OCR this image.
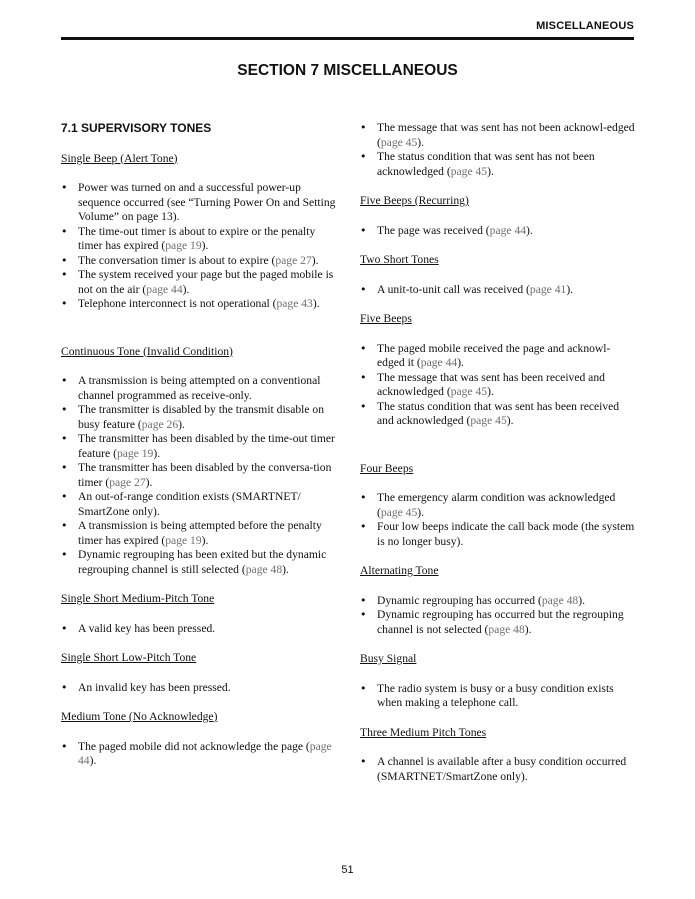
MISCELLANEOUS
SECTION 7 MISCELLANEOUS
7.1 SUPERVISORY TONES
Single Beep (Alert Tone)
• Power was turned on and a successful power-up sequence occurred (see “Turning Power On and Setting Volume” on page 13).
• The time-out timer is about to expire or the penalty timer has expired (page 19).
• The conversation timer is about to expire (page 27).
• The system received your page but the paged mobile is not on the air (page 44).
• Telephone interconnect is not operational (page 43).
Continuous Tone (Invalid Condition)
• A transmission is being attempted on a conventional channel programmed as receive-only.
• The transmitter is disabled by the transmit disable on busy feature (page 26).
• The transmitter has been disabled by the time-out timer feature (page 19).
• The transmitter has been disabled by the conversa-tion timer (page 27).
• An out-of-range condition exists (SMARTNET/ SmartZone only).
• A transmission is being attempted before the penalty timer has expired (page 19).
• Dynamic regrouping has been exited but the dynamic regrouping channel is still selected (page 48).
Single Short Medium-Pitch Tone
• A valid key has been pressed.
Single Short Low-Pitch Tone
• An invalid key has been pressed.
Medium Tone (No Acknowledge)
• The paged mobile did not acknowledge the page (page 44).
• The message that was sent has not been acknowl-edged (page 45).
• The status condition that was sent has not been acknowledged (page 45).
Five Beeps (Recurring)
• The page was received (page 44).
Two Short Tones
• A unit-to-unit call was received (page 41).
Five Beeps
• The paged mobile received the page and acknowl-edged it (page 44).
• The message that was sent has been received and acknowledged (page 45).
• The status condition that was sent has been received and acknowledged (page 45).
Four Beeps
• The emergency alarm condition was acknowledged (page 45).
• Four low beeps indicate the call back mode (the system is no longer busy).
Alternating Tone
• Dynamic regrouping has occurred (page 48).
• Dynamic regrouping has occurred but the regrouping channel is not selected (page 48).
Busy Signal
• The radio system is busy or a busy condition exists when making a telephone call.
Three Medium Pitch Tones
• A channel is available after a busy condition occurred (SMARTNET/SmartZone only).
51
